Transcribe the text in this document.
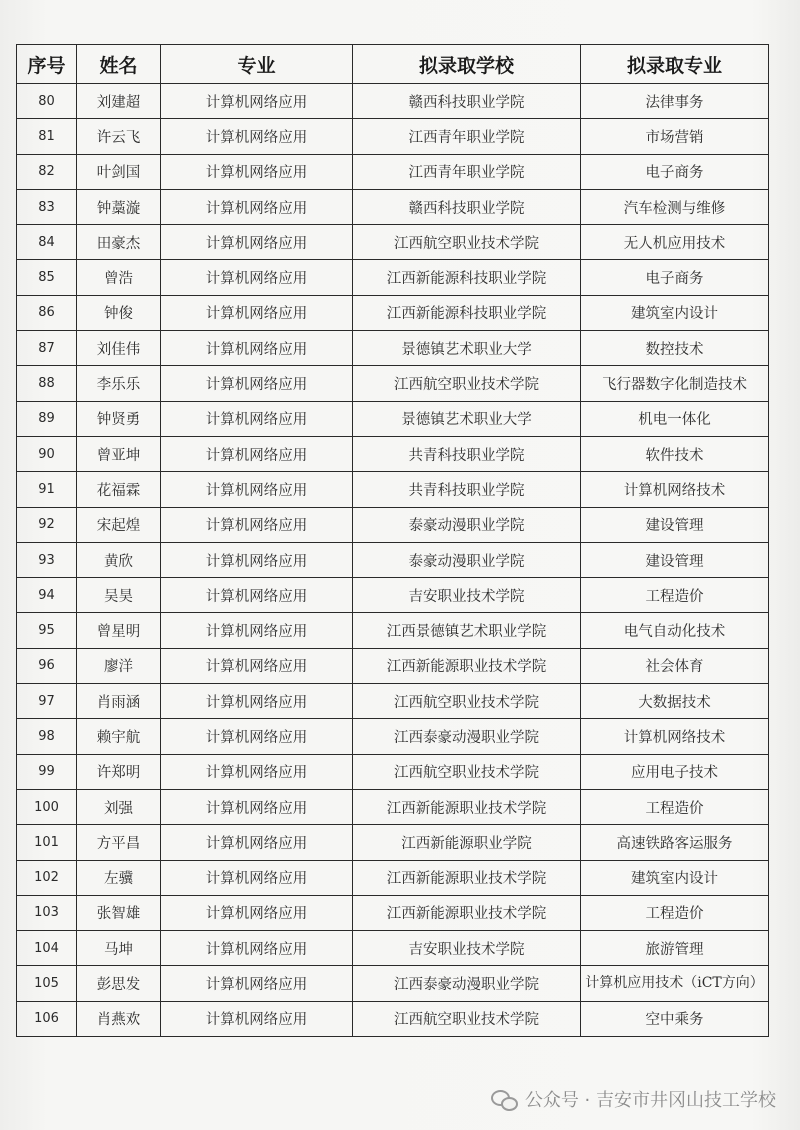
序号	姓名	专业	拟录取学校	拟录取专业
80	刘建超	计算机网络应用	赣西科技职业学院	法律事务
81	许云飞	计算机网络应用	江西青年职业学院	市场营销
82	叶剑国	计算机网络应用	江西青年职业学院	电子商务
83	钟藁漩	计算机网络应用	赣西科技职业学院	汽车检测与维修
84	田豪杰	计算机网络应用	江西航空职业技术学院	无人机应用技术
85	曾浩	计算机网络应用	江西新能源科技职业学院	电子商务
86	钟俊	计算机网络应用	江西新能源科技职业学院	建筑室内设计
87	刘佳伟	计算机网络应用	景德镇艺术职业大学	数控技术
88	李乐乐	计算机网络应用	江西航空职业技术学院	飞行器数字化制造技术
89	钟贤勇	计算机网络应用	景德镇艺术职业大学	机电一体化
90	曾亚坤	计算机网络应用	共青科技职业学院	软件技术
91	花福霖	计算机网络应用	共青科技职业学院	计算机网络技术
92	宋起煌	计算机网络应用	泰豪动漫职业学院	建设管理
93	黄欣	计算机网络应用	泰豪动漫职业学院	建设管理
94	吴昊	计算机网络应用	吉安职业技术学院	工程造价
95	曾星明	计算机网络应用	江西景德镇艺术职业学院	电气自动化技术
96	廖洋	计算机网络应用	江西新能源职业技术学院	社会体育
97	肖雨涵	计算机网络应用	江西航空职业技术学院	大数据技术
98	赖宇航	计算机网络应用	江西泰豪动漫职业学院	计算机网络技术
99	许郑明	计算机网络应用	江西航空职业技术学院	应用电子技术
100	刘强	计算机网络应用	江西新能源职业技术学院	工程造价
101	方平昌	计算机网络应用	江西新能源职业学院	高速铁路客运服务
102	左骥	计算机网络应用	江西新能源职业技术学院	建筑室内设计
103	张智雄	计算机网络应用	江西新能源职业技术学院	工程造价
104	马坤	计算机网络应用	吉安职业技术学院	旅游管理
105	彭思发	计算机网络应用	江西泰豪动漫职业学院	计算机应用技术（iCT方向）
106	肖燕欢	计算机网络应用	江西航空职业技术学院	空中乘务
公众号 · 吉安市井冈山技工学校
